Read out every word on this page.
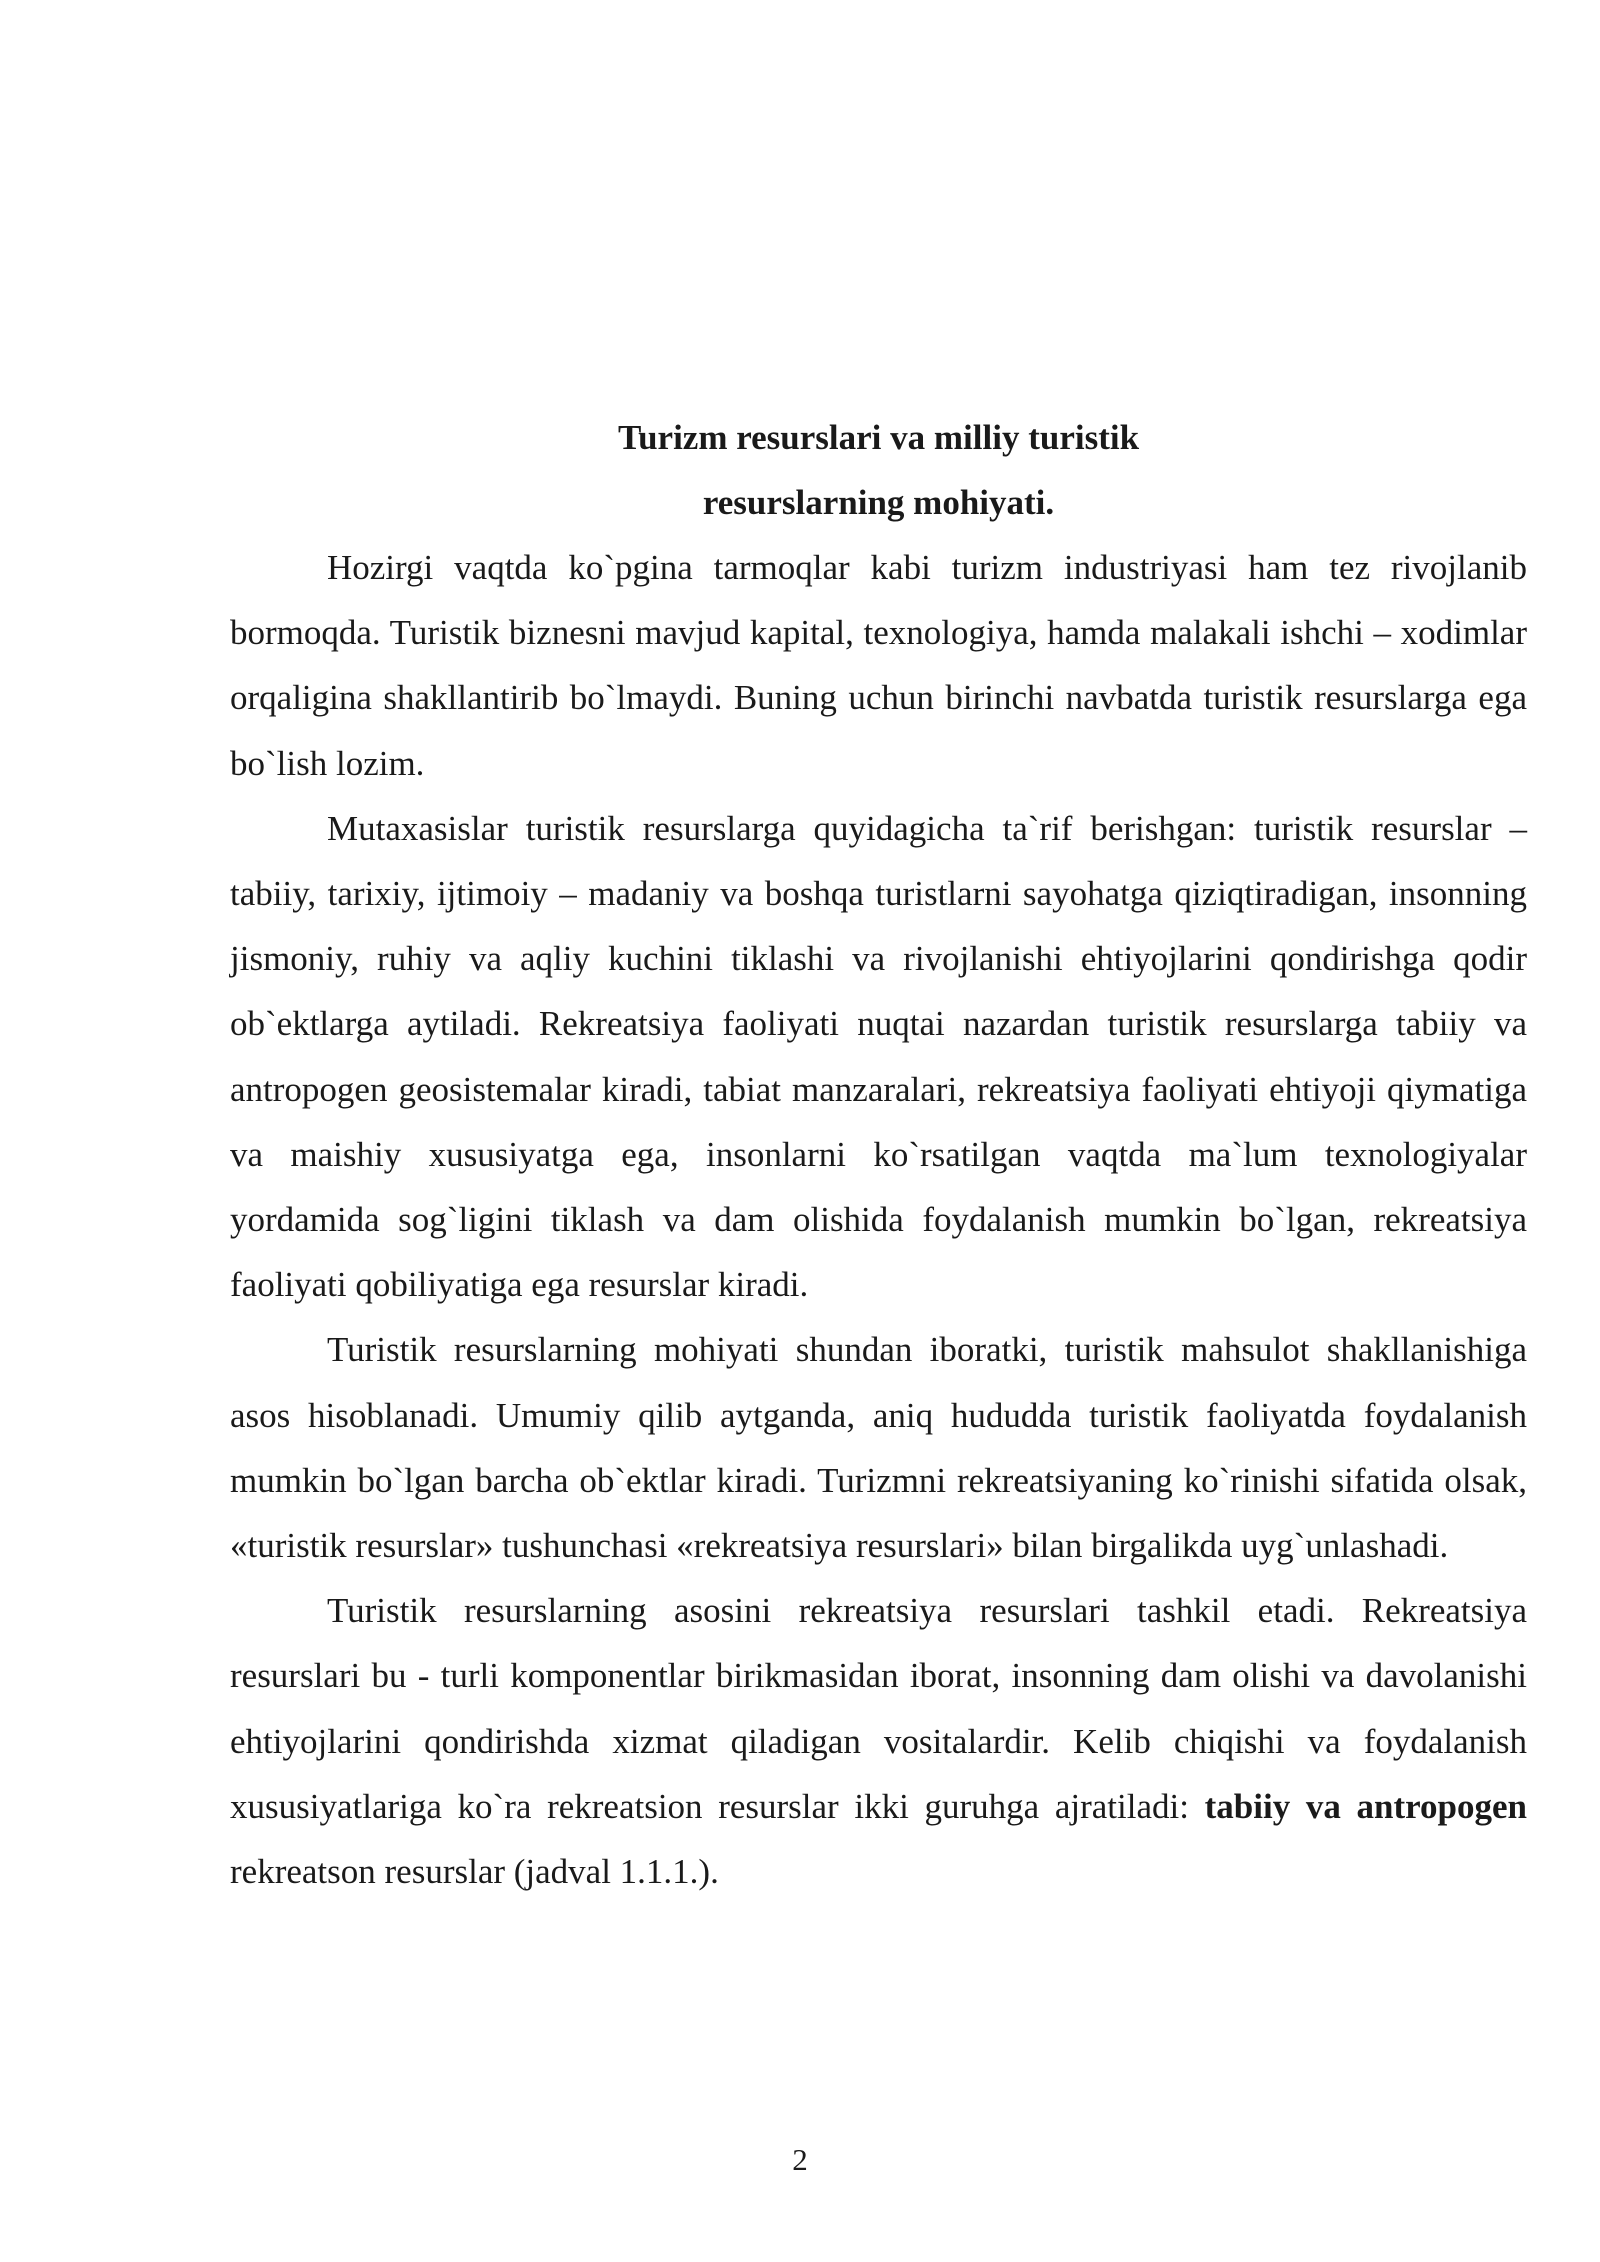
Turizm resurslari va milliy turistik
resurslarning mohiyati.

Hozirgi vaqtda ko`pgina tarmoqlar kabi turizm industriyasi ham tez rivojlanib bormoqda. Turistik biznesni mavjud kapital, texnologiya, hamda malakali ishchi – xodimlar orqaligina shakllantirib bo`lmaydi. Buning uchun birinchi navbatda turistik resurslarga ega bo`lish lozim.

Mutaxasislar turistik resurslarga quyidagicha ta`rif berishgan: turistik resurslar – tabiiy, tarixiy, ijtimoiy – madaniy va boshqa turistlarni sayohatga qiziqtiradigan, insonning jismoniy, ruhiy va aqliy kuchini tiklashi va rivojlanishi ehtiyojlarini qondirishga qodir ob`ektlarga aytiladi. Rekreatsiya faoliyati nuqtai nazardan turistik resurslarga tabiiy va antropogen geosistemalar kiradi, tabiat manzaralari, rekreatsiya faoliyati ehtiyoji qiymatiga va maishiy xususiyatga ega, insonlarni ko`rsatilgan vaqtda ma`lum texnologiyalar yordamida sog`ligini tiklash va dam olishida foydalanish mumkin bo`lgan, rekreatsiya faoliyati qobiliyatiga ega resurslar kiradi.

Turistik resurslarning mohiyati shundan iboratki, turistik mahsulot shakllanishiga asos hisoblanadi. Umumiy qilib aytganda, aniq hududda turistik faoliyatda foydalanish mumkin bo`lgan barcha ob`ektlar kiradi. Turizmni rekreatsiyaning ko`rinishi sifatida olsak, «turistik resurslar» tushunchasi «rekreatsiya resurslari» bilan birgalikda uyg`unlashadi.

Turistik resurslarning asosini rekreatsiya resurslari tashkil etadi. Rekreatsiya resurslari bu - turli komponentlar birikmasidan iborat, insonning dam olishi va davolanishi ehtiyojlarini qondirishda xizmat qiladigan vositalardir. Kelib chiqishi va foydalanish xususiyatlariga ko`ra rekreatsion resurslar ikki guruhga ajratiladi: tabiiy va antropogen rekreatson resurslar (jadval 1.1.1.).

2
